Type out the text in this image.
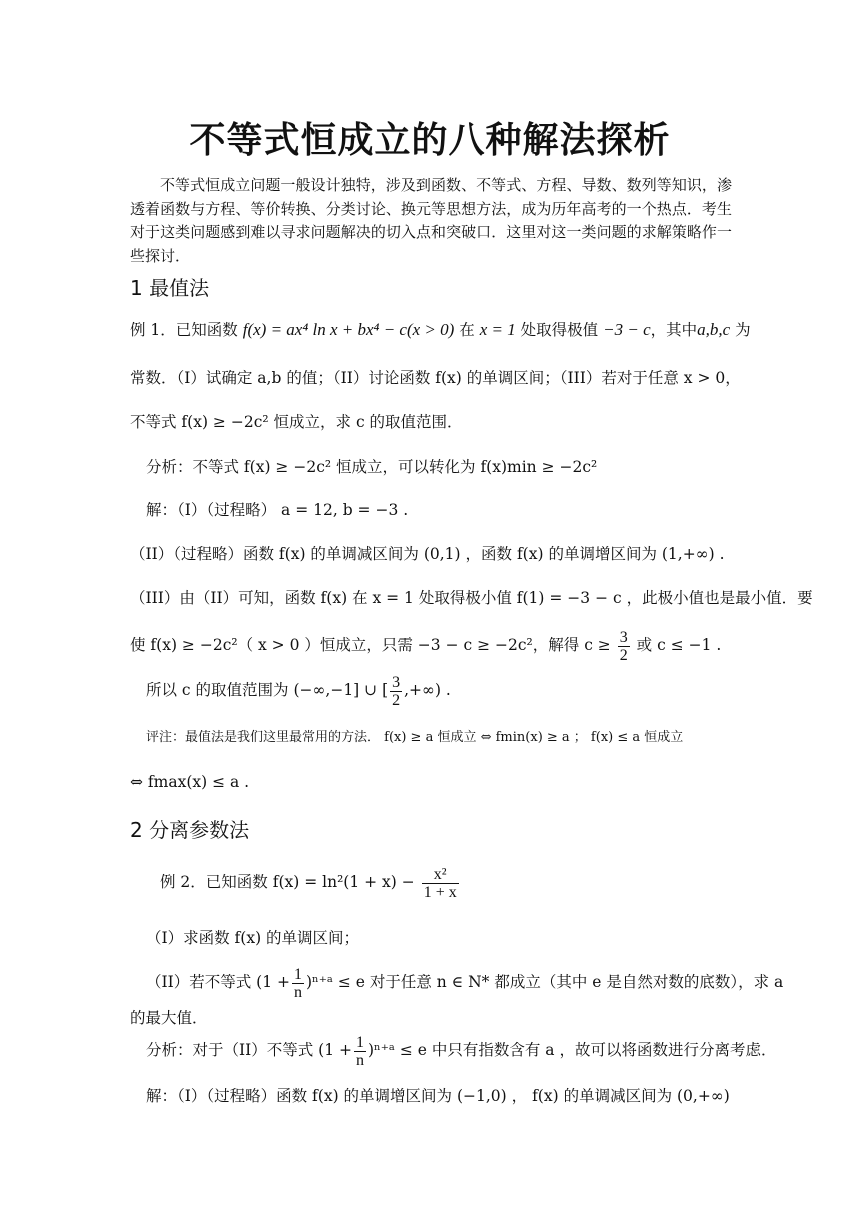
不等式恒成立的八种解法探析
不等式恒成立问题一般设计独特，涉及到函数、不等式、方程、导数、数列等知识，渗透着函数与方程、等价转换、分类讨论、换元等思想方法，成为历年高考的一个热点．考生对于这类问题感到难以寻求问题解决的切入点和突破口．这里对这一类问题的求解策略作一些探讨．
1 最值法
例 1．已知函数 f(x) = ax⁴ ln x + bx⁴ − c(x > 0) 在 x = 1 处取得极值 −3 − c，其中a,b,c 为
常数．（I）试确定 a,b 的值；（II）讨论函数 f(x) 的单调区间；（III）若对于任意 x > 0，
不等式 f(x) ≥ −2c² 恒成立，求 c 的取值范围．
分析：不等式 f(x) ≥ −2c² 恒成立，可以转化为 f(x)min ≥ −2c²
解：（I）（过程略） a = 12, b = −3 .
（II）（过程略）函数 f(x) 的单调减区间为 (0,1) ，函数 f(x) 的单调增区间为 (1,+∞) .
（III）由（II）可知，函数 f(x) 在 x = 1 处取得极小值 f(1) = −3 − c ，此极小值也是最小值．要
使 f(x) ≥ −2c²（ x > 0 ）恒成立，只需 −3 − c ≥ −2c²，解得 $c \ge \frac{3}{2}$ 或 c ≤ −1 .
所以 c 的取值范围为 (−∞,−1] ∪ [ $\frac{3}{2}$ ,+∞) .
评注：最值法是我们这里最常用的方法． f(x) ≥ a 恒成立 ⇔ fmin(x) ≥ a ； f(x) ≤ a 恒成立
⇔ fmax(x) ≤ a .
2 分离参数法
例 2．已知函数 $f(x) = \ln^2(1 + x) - \frac{\text{x²}}{1 + x}$
（I）求函数 f(x) 的单调区间；
（II）若不等式 ($1 + \frac{1}{n}$ )ⁿ⁺ᵃ ≤ e 对于任意 n ∈ N* 都成立（其中 e 是自然对数的底数），求 a
的最大值．
分析：对于（II）不等式 ($1 + \frac{1}{n}$ )ⁿ⁺ᵃ ≤ e 中只有指数含有 a ，故可以将函数进行分离考虑．
解：（I）（过程略）函数 f(x) 的单调增区间为 (−1,0) ， f(x) 的单调减区间为 (0,+∞)
